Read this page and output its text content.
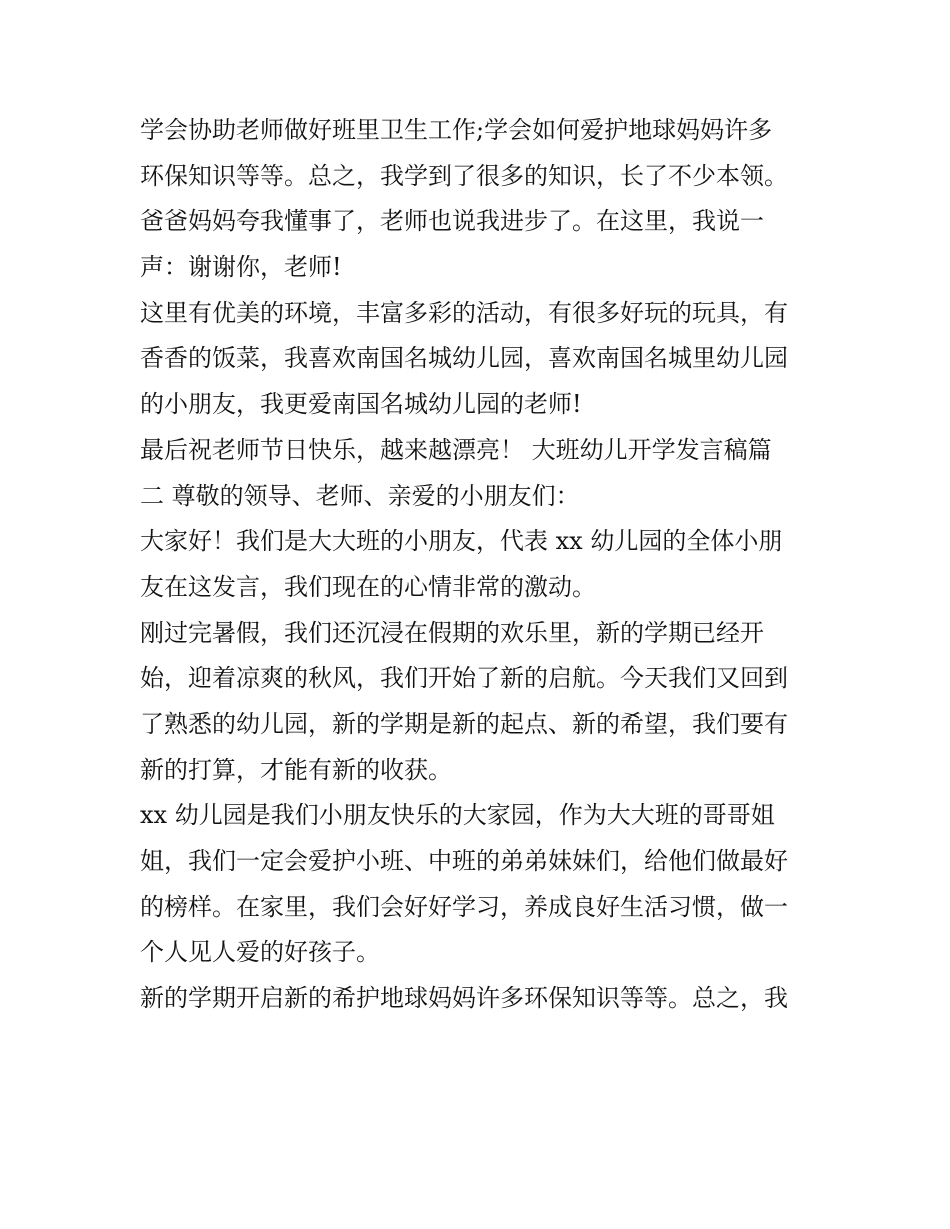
学会协助老师做好班里卫生工作;学会如何爱护地球妈妈许多
环保知识等等。总之，我学到了很多的知识，长了不少本领。
爸爸妈妈夸我懂事了，老师也说我进步了。在这里，我说一
声：谢谢你，老师!
这里有优美的环境，丰富多彩的活动，有很多好玩的玩具，有
香香的饭菜，我喜欢南国名城幼儿园，喜欢南国名城里幼儿园
的小朋友，我更爱南国名城幼儿园的老师!
最后祝老师节日快乐，越来越漂亮！ 大班幼儿开学发言稿篇
二 尊敬的领导、老师、亲爱的小朋友们：
大家好！我们是大大班的小朋友，代表 xx 幼儿园的全体小朋
友在这发言，我们现在的心情非常的激动。
刚过完暑假，我们还沉浸在假期的欢乐里，新的学期已经开
始，迎着凉爽的秋风，我们开始了新的启航。今天我们又回到
了熟悉的幼儿园，新的学期是新的起点、新的希望，我们要有
新的打算，才能有新的收获。
xx 幼儿园是我们小朋友快乐的大家园，作为大大班的哥哥姐
姐，我们一定会爱护小班、中班的弟弟妹妹们，给他们做最好
的榜样。在家里，我们会好好学习，养成良好生活习惯，做一
个人见人爱的好孩子。
新的学期开启新的希护地球妈妈许多环保知识等等。总之，我
